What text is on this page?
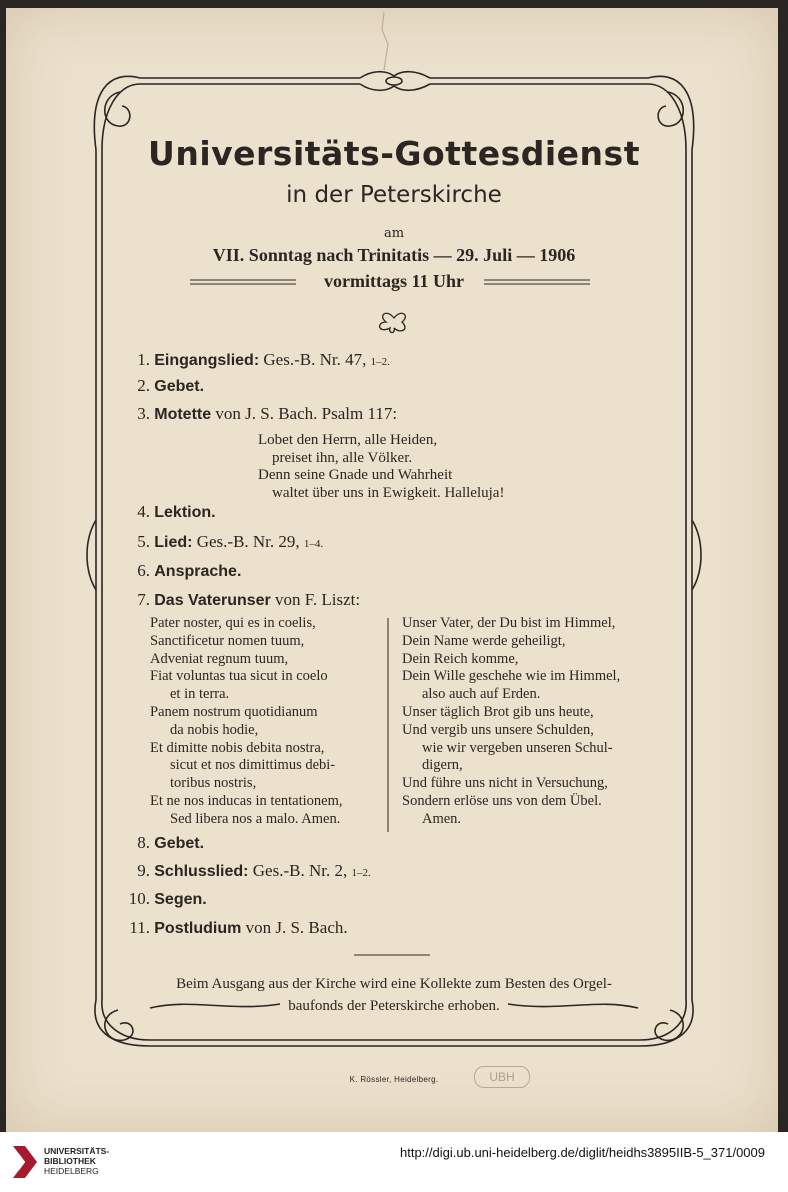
Universitäts-Gottesdienst
in der Peterskirche
am
VII. Sonntag nach Trinitatis — 29. Juli — 1906
vormittags 11 Uhr
1. Eingangslied: Ges.-B. Nr. 47, 1–2.
2. Gebet.
3. Motette von J. S. Bach. Psalm 117:
Lobet den Herrn, alle Heiden,
preiset ihn, alle Völker.
Denn seine Gnade und Wahrheit
waltet über uns in Ewigkeit. Halleluja!
4. Lektion.
5. Lied: Ges.-B. Nr. 29, 1–4.
6. Ansprache.
7. Das Vaterunser von F. Liszt:
Pater noster, qui es in coelis,
Sanctificetur nomen tuum,
Adveniat regnum tuum,
Fiat voluntas tua sicut in coelo
et in terra.
Panem nostrum quotidianum
da nobis hodie,
Et dimitte nobis debita nostra,
sicut et nos dimittimus debi-
toribus nostris,
Et ne nos inducas in tentationem,
Sed libera nos a malo. Amen.
Unser Vater, der Du bist im Himmel,
Dein Name werde geheiligt,
Dein Reich komme,
Dein Wille geschehe wie im Himmel,
also auch auf Erden.
Unser täglich Brot gib uns heute,
Und vergib uns unsere Schulden,
wie wir vergeben unseren Schul-
digern,
Und führe uns nicht in Versuchung,
Sondern erlöse uns von dem Übel.
Amen.
8. Gebet.
9. Schlusslied: Ges.-B. Nr. 2, 1–2.
10. Segen.
11. Postludium von J. S. Bach.
Beim Ausgang aus der Kirche wird eine Kollekte zum Besten des Orgel-
baufonds der Peterskirche erhoben.
K. Rössler, Heidelberg.	UBH
UNIVERSITÄTS-
BIBLIOTHEK
HEIDELBERG
http://digi.ub.uni-heidelberg.de/diglit/heidhs3895IIB-5_371/0009
